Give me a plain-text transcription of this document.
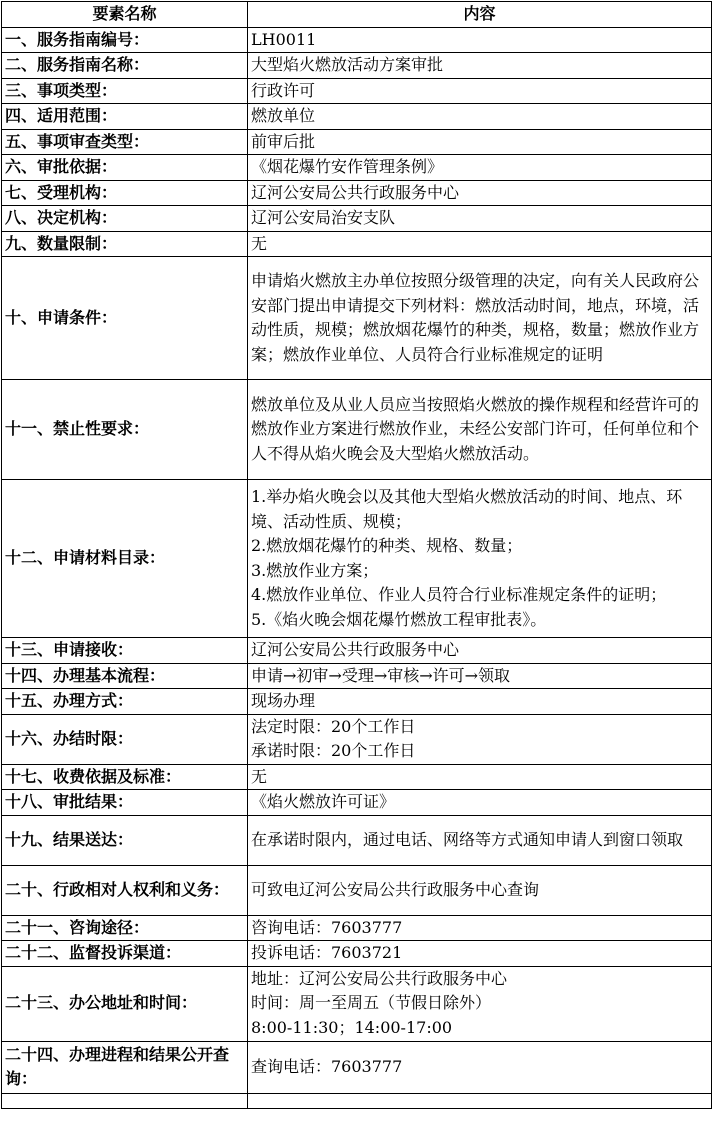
要素名称	内容
一、服务指南编号：	LH0011

二、服务指南名称：	大型焰火燃放活动方案审批

三、事项类型：	行政许可

四、适用范围：	燃放单位

五、事项审查类型：	前审后批

六、审批依据：	《烟花爆竹安作管理条例》

七、受理机构：	辽河公安局公共行政服务中心

八、决定机构：	辽河公安局治安支队

九、数量限制：	无

十、申请条件：	申请焰火燃放主办单位按照分级管理的决定，向有关人民政府公安部门提出申请提交下列材料：燃放活动时间，地点，环境，活动性质，规模；燃放烟花爆竹的种类，规格，数量；燃放作业方案；燃放作业单位、人员符合行业标准规定的证明

十一、禁止性要求：	燃放单位及从业人员应当按照焰火燃放的操作规程和经营许可的燃放作业方案进行燃放作业，未经公安部门许可，任何单位和个人不得从焰火晚会及大型焰火燃放活动。

十二、申请材料目录：	1.举办焰火晚会以及其他大型焰火燃放活动的时间、地点、环境、活动性质、规模；
2.燃放烟花爆竹的种类、规格、数量；
3.燃放作业方案；
4.燃放作业单位、作业人员符合行业标准规定条件的证明；
5.《焰火晚会烟花爆竹燃放工程审批表》。

十三、申请接收：	辽河公安局公共行政服务中心

十四、办理基本流程：	申请→初审→受理→审核→许可→领取

十五、办理方式：	现场办理

十六、办结时限：	法定时限：20个工作日
承诺时限：20个工作日

十七、收费依据及标准：	无

十八、审批结果：	《焰火燃放许可证》

十九、结果送达：	在承诺时限内，通过电话、网络等方式通知申请人到窗口领取

二十、行政相对人权利和义务：	可致电辽河公安局公共行政服务中心查询

二十一、咨询途径：	咨询电话：7603777

二十二、监督投诉渠道：	投诉电话：7603721

二十三、办公地址和时间：	地址：辽河公安局公共行政服务中心
时间：周一至周五（节假日除外）
8:00-11:30；14:00-17:00

二十四、办理进程和结果公开查询：	查询电话：7603777
